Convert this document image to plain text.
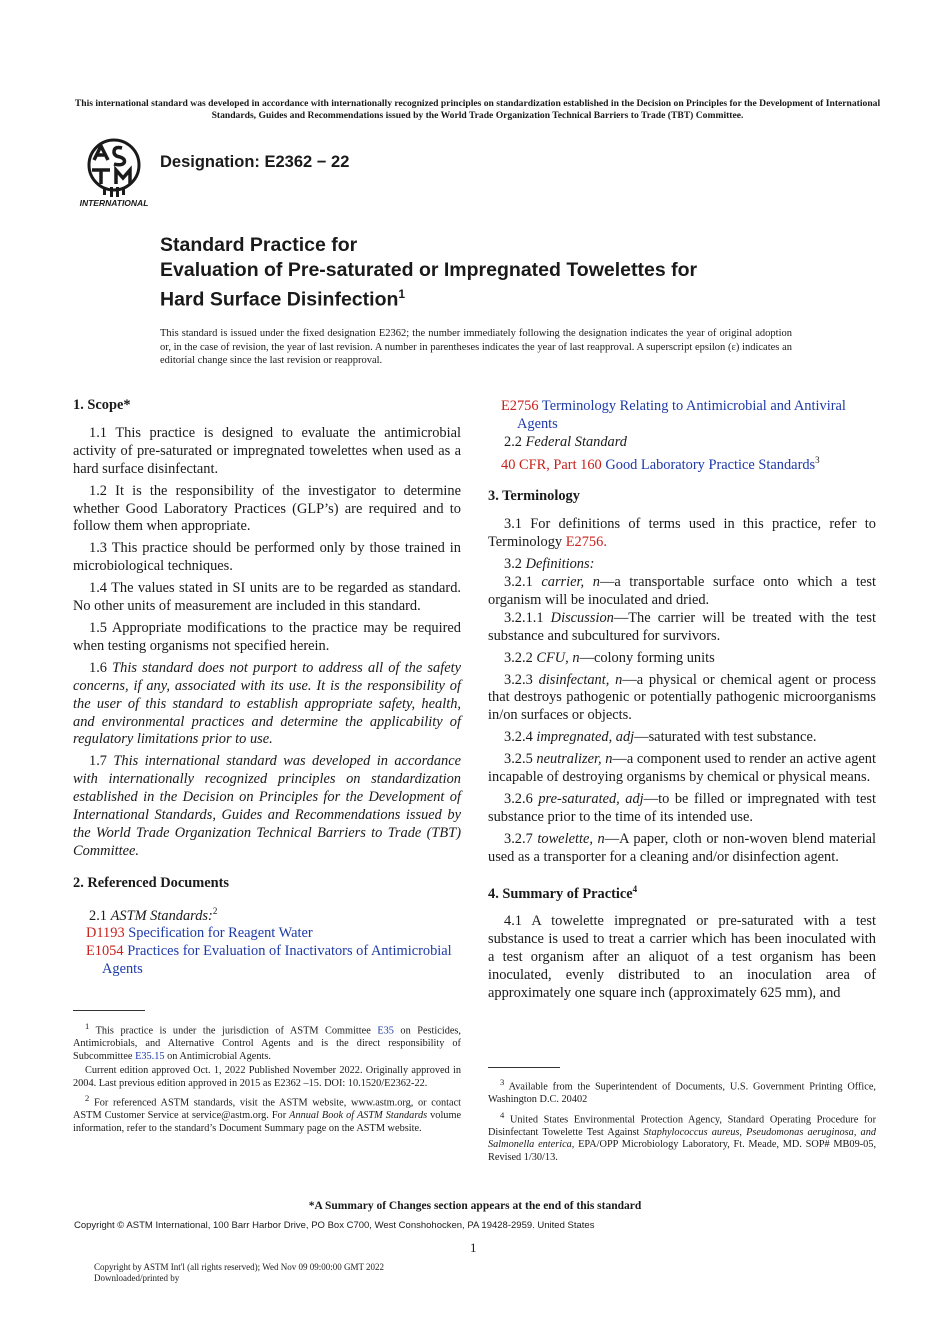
This international standard was developed in accordance with internationally recognized principles on standardization established in the Decision on Principles for the Development of International Standards, Guides and Recommendations issued by the World Trade Organization Technical Barriers to Trade (TBT) Committee.
INTERNATIONAL
Designation: E2362 − 22
Standard Practice for
Evaluation of Pre-saturated or Impregnated Towelettes for
Hard Surface Disinfection$^1$
This standard is issued under the fixed designation E2362; the number immediately following the designation indicates the year of original adoption or, in the case of revision, the year of last revision. A number in parentheses indicates the year of last reapproval. A superscript epsilon (ε) indicates an editorial change since the last revision or reapproval.
1. Scope*

1.1 This practice is designed to evaluate the antimicrobial activity of pre-saturated or impregnated towelettes when used as a hard surface disinfectant.

1.2 It is the responsibility of the investigator to determine whether Good Laboratory Practices (GLP’s) are required and to follow them when appropriate.

1.3 This practice should be performed only by those trained in microbiological techniques.

1.4 The values stated in SI units are to be regarded as standard. No other units of measurement are included in this standard.

1.5 Appropriate modifications to the practice may be required when testing organisms not specified herein.

1.6 This standard does not purport to address all of the safety concerns, if any, associated with its use. It is the responsibility of the user of this standard to establish appropriate safety, health, and environmental practices and determine the applicability of regulatory limitations prior to use.

1.7 This international standard was developed in accordance with internationally recognized principles on standardization established in the Decision on Principles for the Development of International Standards, Guides and Recommendations issued by the World Trade Organization Technical Barriers to Trade (TBT) Committee.

2. Referenced Documents

2.1 ASTM Standards:$^2$

D1193 Specification for Reagent Water
E1054 Practices for Evaluation of Inactivators of Antimicrobial Agents

$^1$ This practice is under the jurisdiction of ASTM Committee E35 on Pesticides, Antimicrobials, and Alternative Control Agents and is the direct responsibility of Subcommittee E35.15 on Antimicrobial Agents.

Current edition approved Oct. 1, 2022 Published November 2022. Originally approved in 2004. Last previous edition approved in 2015 as E2362 –15. DOI: 10.1520/E2362-22.

$^2$ For referenced ASTM standards, visit the ASTM website, www.astm.org, or contact ASTM Customer Service at service@astm.org. For Annual Book of ASTM Standards volume information, refer to the standard’s Document Summary page on the ASTM website.

E2756 Terminology Relating to Antimicrobial and Antiviral Agents

2.2 Federal Standard

40 CFR, Part 160 Good Laboratory Practice Standards$^3$
3. Terminology

3.1 For definitions of terms used in this practice, refer to Terminology E2756.

3.2 Definitions:

3.2.1 carrier, n—a transportable surface onto which a test organism will be inoculated and dried.

3.2.1.1 Discussion—The carrier will be treated with the test substance and subcultured for survivors.

3.2.2 CFU, n—colony forming units

3.2.3 disinfectant, n—a physical or chemical agent or process that destroys pathogenic or potentially pathogenic microorganisms in/on surfaces or objects.

3.2.4 impregnated, adj—saturated with test substance.

3.2.5 neutralizer, n—a component used to render an active agent incapable of destroying organisms by chemical or physical means.

3.2.6 pre-saturated, adj—to be filled or impregnated with test substance prior to the time of its intended use.

3.2.7 towelette, n—A paper, cloth or non-woven blend material used as a transporter for a cleaning and/or disinfection agent.

4. Summary of Practice$^4$

4.1 A towelette impregnated or pre-saturated with a test substance is used to treat a carrier which has been inoculated with a test organism after an aliquot of a test organism has been inoculated, evenly distributed to an inoculation area of approximately one square inch (approximately 625 mm), and

$^3$ Available from the Superintendent of Documents, U.S. Government Printing Office, Washington D.C. 20402

$^4$ United States Environmental Protection Agency, Standard Operating Procedure for Disinfectant Towelette Test Against Staphylococcus aureus, Pseudomonas aeruginosa, and Salmonella enterica, EPA/OPP Microbiology Laboratory, Ft. Meade, MD. SOP# MB09-05, Revised 1/30/13.

*A Summary of Changes section appears at the end of this standard
Copyright © ASTM International, 100 Barr Harbor Drive, PO Box C700, West Conshohocken, PA 19428-2959. United States
1
Copyright by ASTM Int'l (all rights reserved); Wed Nov 09 09:00:00 GMT 2022
Downloaded/printed by
